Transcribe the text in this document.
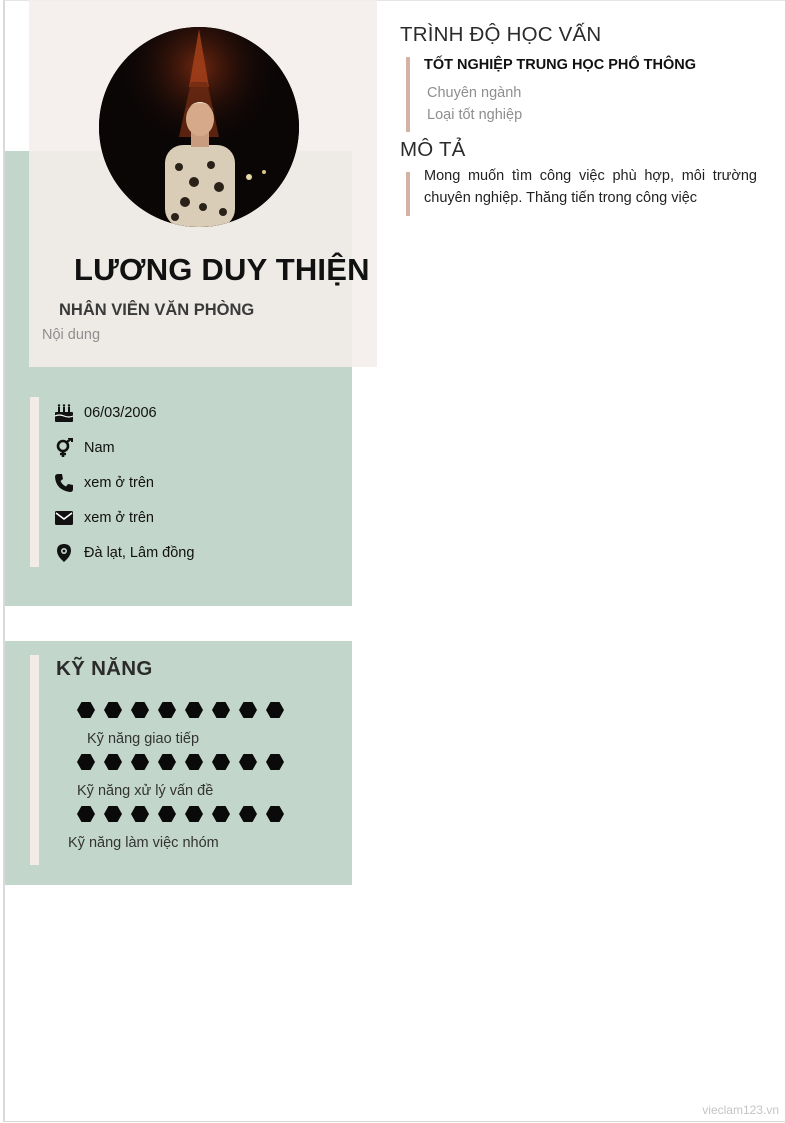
LƯƠNG DUY THIỆN
NHÂN VIÊN VĂN PHÒNG
Nội dung
06/03/2006
Nam
xem ở trên
xem ở trên
Đà lạt, Lâm đồng
KỸ NĂNG
Kỹ năng giao tiếp
Kỹ năng xử lý vấn đề
Kỹ năng làm việc nhóm
TRÌNH ĐỘ HỌC VẤN
TỐT NGHIỆP TRUNG HỌC PHỔ THÔNG
Chuyên ngành
Loại tốt nghiệp
MÔ TẢ
Mong muốn tìm công việc phù hợp, môi trường chuyên nghiệp. Thăng tiến trong công việc
vieclam123.vn
